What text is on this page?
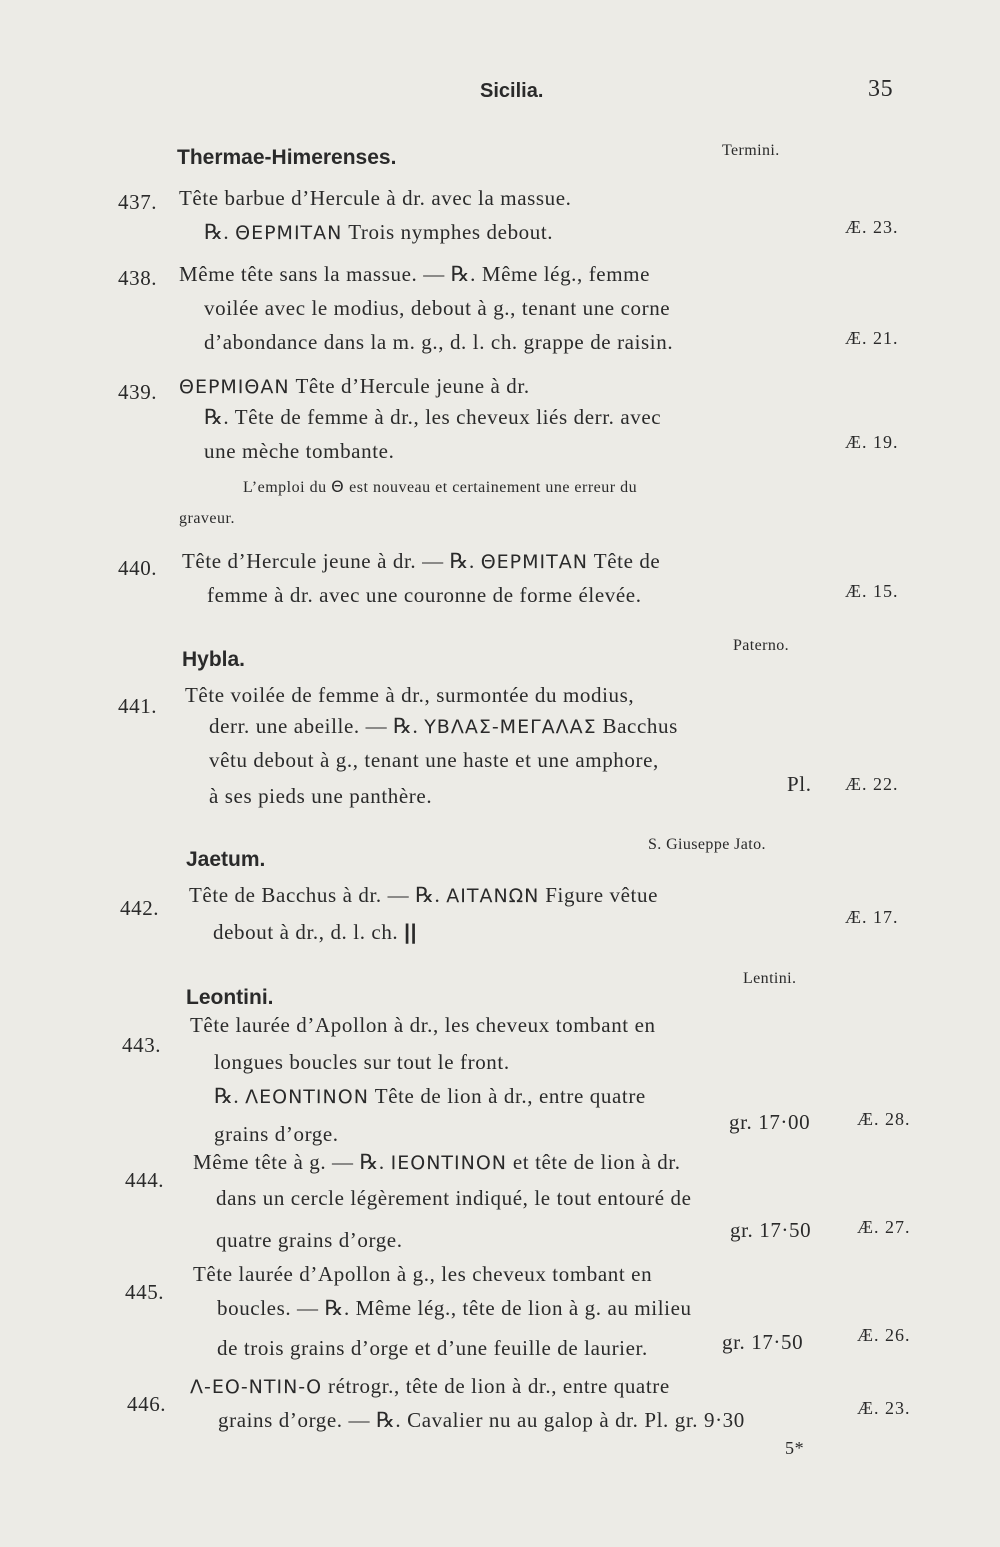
Sicilia.	35
Thermae-Himerenses.	Termini.
437. Tête barbue d’Hercule à dr. avec la massue.
℞. ΘΕΡΜΙΤΑΝ Trois nymphes debout.	Æ. 23.
438. Même tête sans la massue. — ℞. Même lég., femme
voilée avec le modius, debout à g., tenant une corne
d’abondance dans la m. g., d. l. ch. grappe de raisin.	Æ. 21.
439. ΘΕΡΜΙΘΑΝ Tête d’Hercule jeune à dr.
℞. Tête de femme à dr., les cheveux liés derr. avec
une mèche tombante.	Æ. 19.
L’emploi du Θ est nouveau et certainement une erreur du
graveur.
440. Tête d’Hercule jeune à dr. — ℞. ΘΕΡΜΙΤΑΝ Tête de
femme à dr. avec une couronne de forme élevée.	Æ. 15.
Hybla.
Paterno.
441. Tête voilée de femme à dr., surmontée du modius,
derr. une abeille. — ℞. ΥΒΛΑΣ-ΜΕΓΑΛΑΣ Bacchus
vêtu debout à g., tenant une haste et une amphore,
à ses pieds une panthère.	Pl. Æ. 22.
Jaetum.
S. Giuseppe Jato.
442.
Tête de Bacchus à dr. — ℞. ΑΙΤΑΝΩΝ Figure vêtue
debout à dr., d. l. ch. ||
Æ. 17.
Leontini.
Lentini.
443.
Tête laurée d’Apollon à dr., les cheveux tombant en
longues boucles sur tout le front.
℞. ΛΕΟΝΤΙΝΟΝ Tête de lion à dr., entre quatre
grains d’orge.	gr. 17·00	Æ. 28.
444.
Même tête à g. — ℞. ΙΕΟΝΤΙΝΟΝ et tête de lion à dr.
dans un cercle légèrement indiqué, le tout entouré de
quatre grains d’orge.	gr. 17·50	Æ. 27.
445.
Tête laurée d’Apollon à g., les cheveux tombant en
boucles. — ℞. Même lég., tête de lion à g. au milieu
de trois grains d’orge et d’une feuille de laurier.	gr. 17·50	Æ. 26.
446.
Λ-ΕΟ-ΝΤΙΝ-Ο rétrogr., tête de lion à dr., entre quatre
grains d’orge. — ℞. Cavalier nu au galop à dr. Pl. gr. 9·30	Æ. 23.
5*
